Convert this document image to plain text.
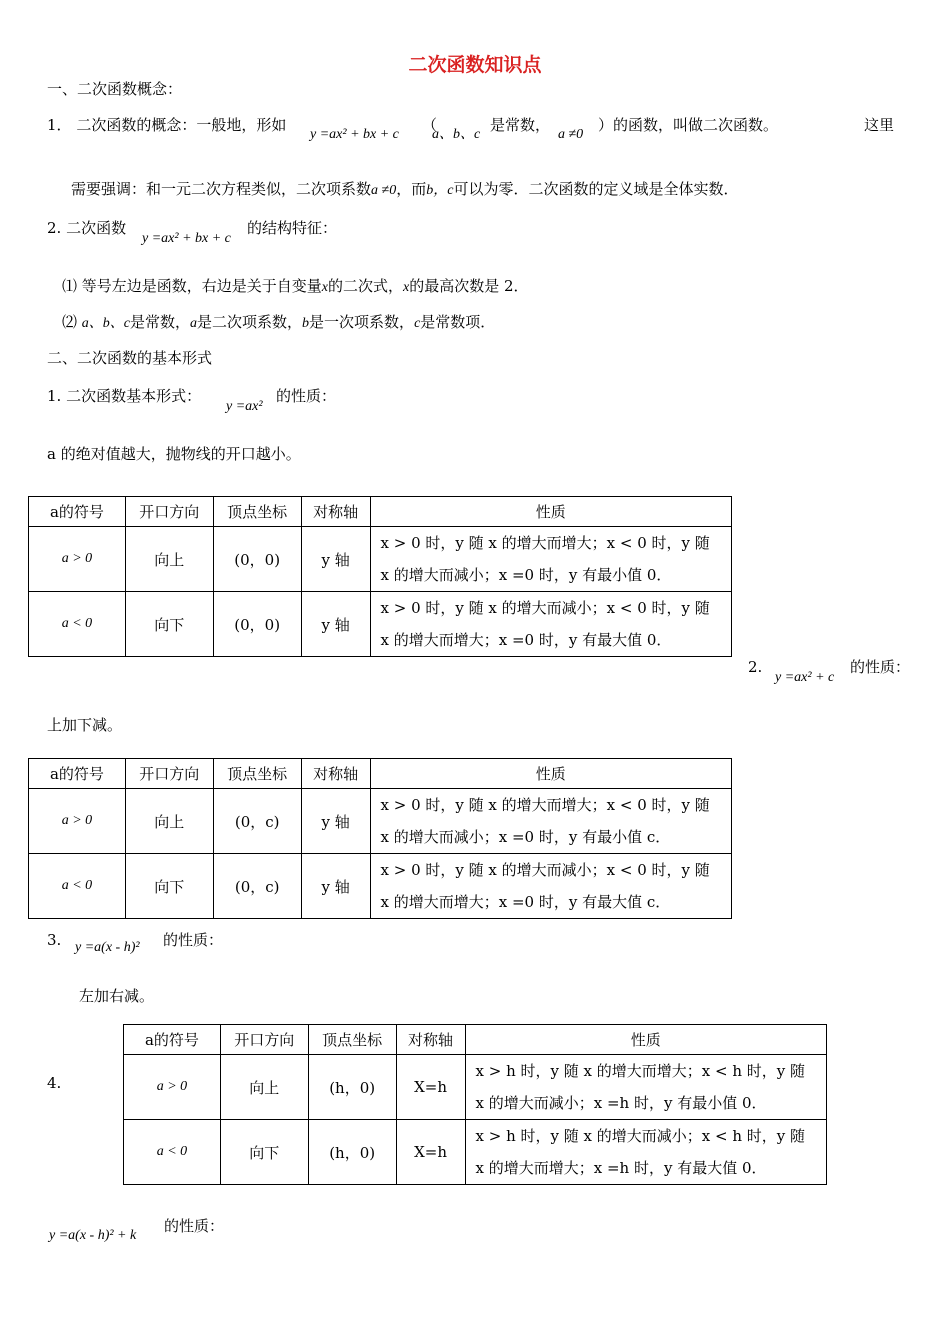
二次函数知识点
一、二次函数概念：
1． 二次函数的概念：一般地，形如
y =ax² + bx + c
（
a、b、c
是常数，
a ≠0
）的函数，叫做二次函数。	这里
需要强调：和一元二次方程类似，二次项系数a ≠0，而b，c可以为零．二次函数的定义域是全体实数．
2. 二次函数
y =ax² + bx + c
的结构特征：
⑴ 等号左边是函数，右边是关于自变量x的二次式，x的最高次数是 2．
⑵ a、b、c是常数，a是二次项系数，b是一次项系数，c是常数项．
二、二次函数的基本形式
1. 二次函数基本形式：
y =ax²
的性质：
a 的绝对值越大，抛物线的开口越小。
a的符号	开口方向	顶点坐标	对称轴	性质
a > 0	向上	(0，0)	y 轴	x > 0 时，y 随 x 的增大而增大；x < 0 时，y 随
x 的增大而减小；x =0 时，y 有最小值 0．

a < 0	向下	(0，0)	y 轴	x > 0 时，y 随 x 的增大而减小；x < 0 时，y 随
x 的增大而增大；x =0 时，y 有最大值 0．
2.
y =ax² + c
的性质：
上加下减。
a的符号	开口方向	顶点坐标	对称轴	性质
a > 0	向上	(0，c)	y 轴	x > 0 时，y 随 x 的增大而增大；x < 0 时，y 随
x 的增大而减小；x =0 时，y 有最小值 c．

a < 0	向下	(0，c)	y 轴	x > 0 时，y 随 x 的增大而减小；x < 0 时，y 随
x 的增大而增大；x =0 时，y 有最大值 c．
3. y =a(x - h)² 的性质：
左加右减。
4.
a的符号	开口方向	顶点坐标	对称轴	性质
a > 0	向上	(h，0)	X=h	x > h 时，y 随 x 的增大而增大；x < h 时，y 随
x 的增大而减小；x =h 时，y 有最小值 0．

a < 0	向下	(h，0)	X=h	x > h 时，y 随 x 的增大而减小；x < h 时，y 随
x 的增大而增大；x =h 时，y 有最大值 0．
y =a(x - h)² + k
的性质：
